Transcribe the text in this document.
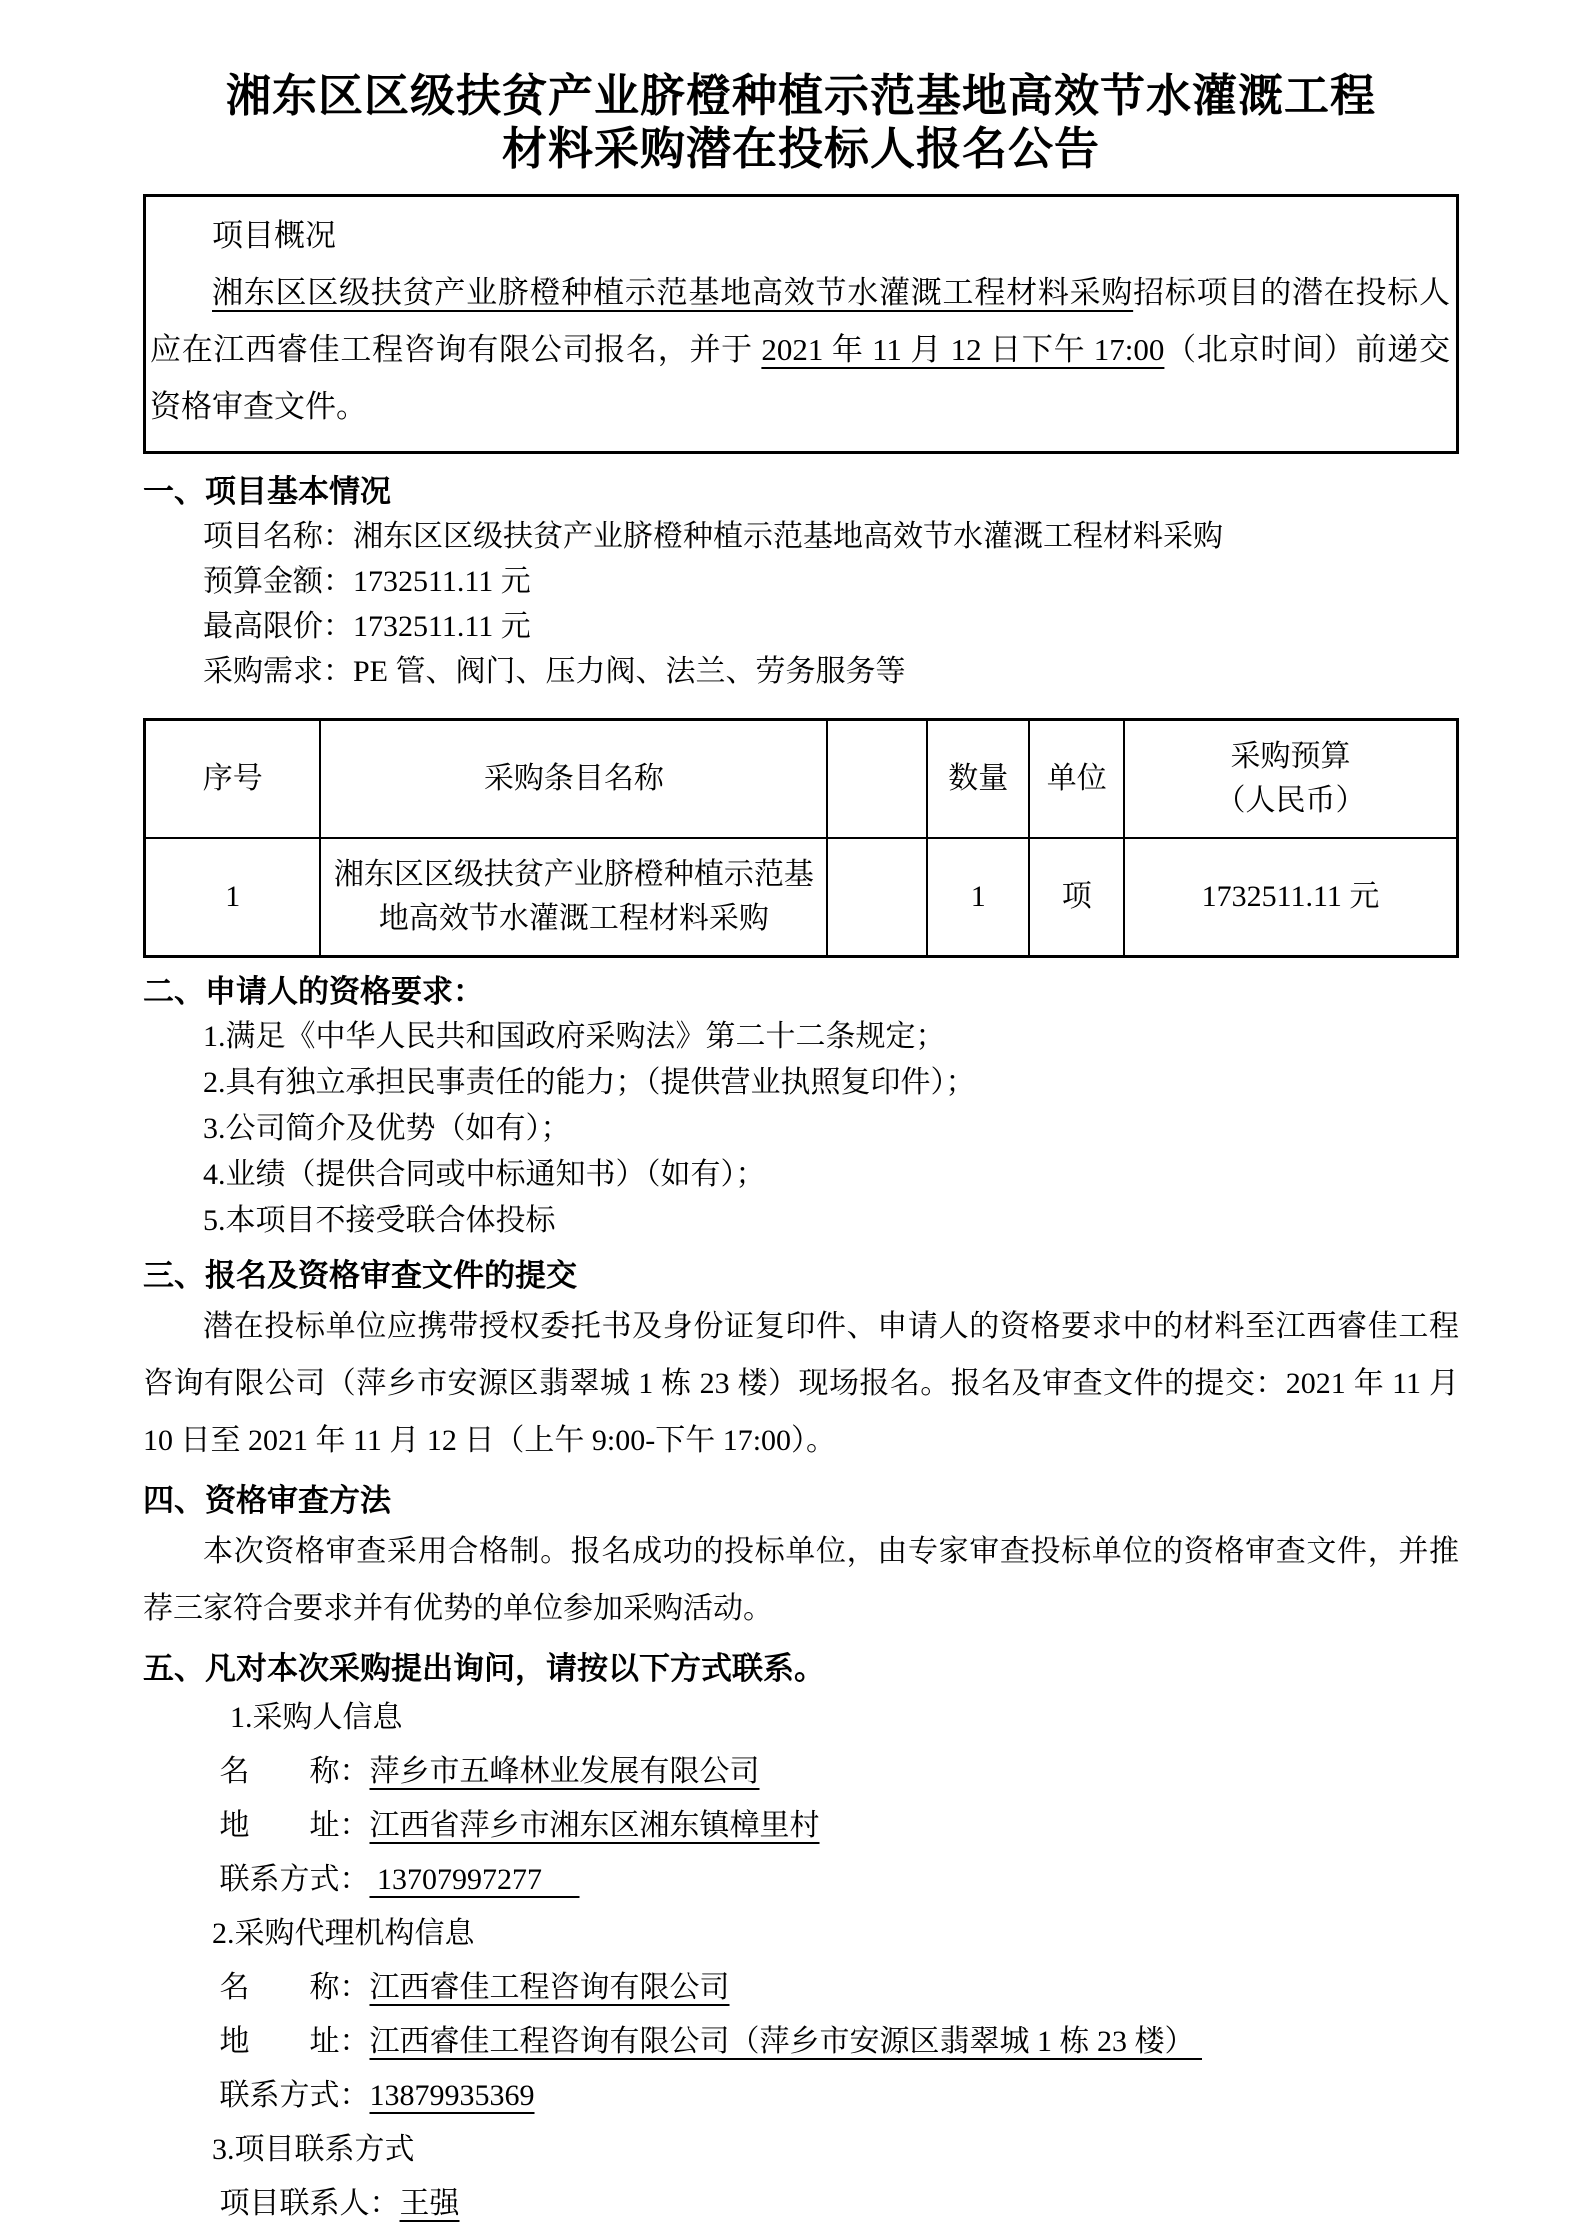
湘东区区级扶贫产业脐橙种植示范基地高效节水灌溉工程
材料采购潜在投标人报名公告
项目概况
湘东区区级扶贫产业脐橙种植示范基地高效节水灌溉工程材料采购招标项目的潜在投标人应在江西睿佳工程咨询有限公司报名，并于 2021 年 11 月 12 日下午 17:00（北京时间）前递交资格审查文件。
一、项目基本情况
项目名称：湘东区区级扶贫产业脐橙种植示范基地高效节水灌溉工程材料采购
预算金额：1732511.11 元
最高限价：1732511.11 元
采购需求：PE 管、阀门、压力阀、法兰、劳务服务等
序号	采购条目名称		数量	单位	采购预算
（人民币）

1	湘东区区级扶贫产业脐橙种植示范基地高效节水灌溉工程材料采购		1	项	1732511.11 元
二、申请人的资格要求：
1.满足《中华人民共和国政府采购法》第二十二条规定；
2.具有独立承担民事责任的能力；（提供营业执照复印件）；
3.公司简介及优势（如有）；
4.业绩（提供合同或中标通知书）（如有）；
5.本项目不接受联合体投标
三、报名及资格审查文件的提交
潜在投标单位应携带授权委托书及身份证复印件、申请人的资格要求中的材料至江西睿佳工程咨询有限公司（萍乡市安源区翡翠城 1 栋 23 楼）现场报名。报名及审查文件的提交：2021 年 11 月 10 日至 2021 年 11 月 12 日（上午 9:00-下午 17:00）。
四、资格审查方法
本次资格审查采用合格制。报名成功的投标单位，由专家审查投标单位的资格审查文件，并推荐三家符合要求并有优势的单位参加采购活动。
五、凡对本次采购提出询问，请按以下方式联系。
1.采购人信息
名　　称：萍乡市五峰林业发展有限公司
地　　址：江西省萍乡市湘东区湘东镇樟里村
联系方式： 13707997277　
2.采购代理机构信息
名　　称：江西睿佳工程咨询有限公司
地　　址：江西睿佳工程咨询有限公司（萍乡市安源区翡翠城 1 栋 23 楼）
联系方式：13879935369
3.项目联系方式
项目联系人：王强
